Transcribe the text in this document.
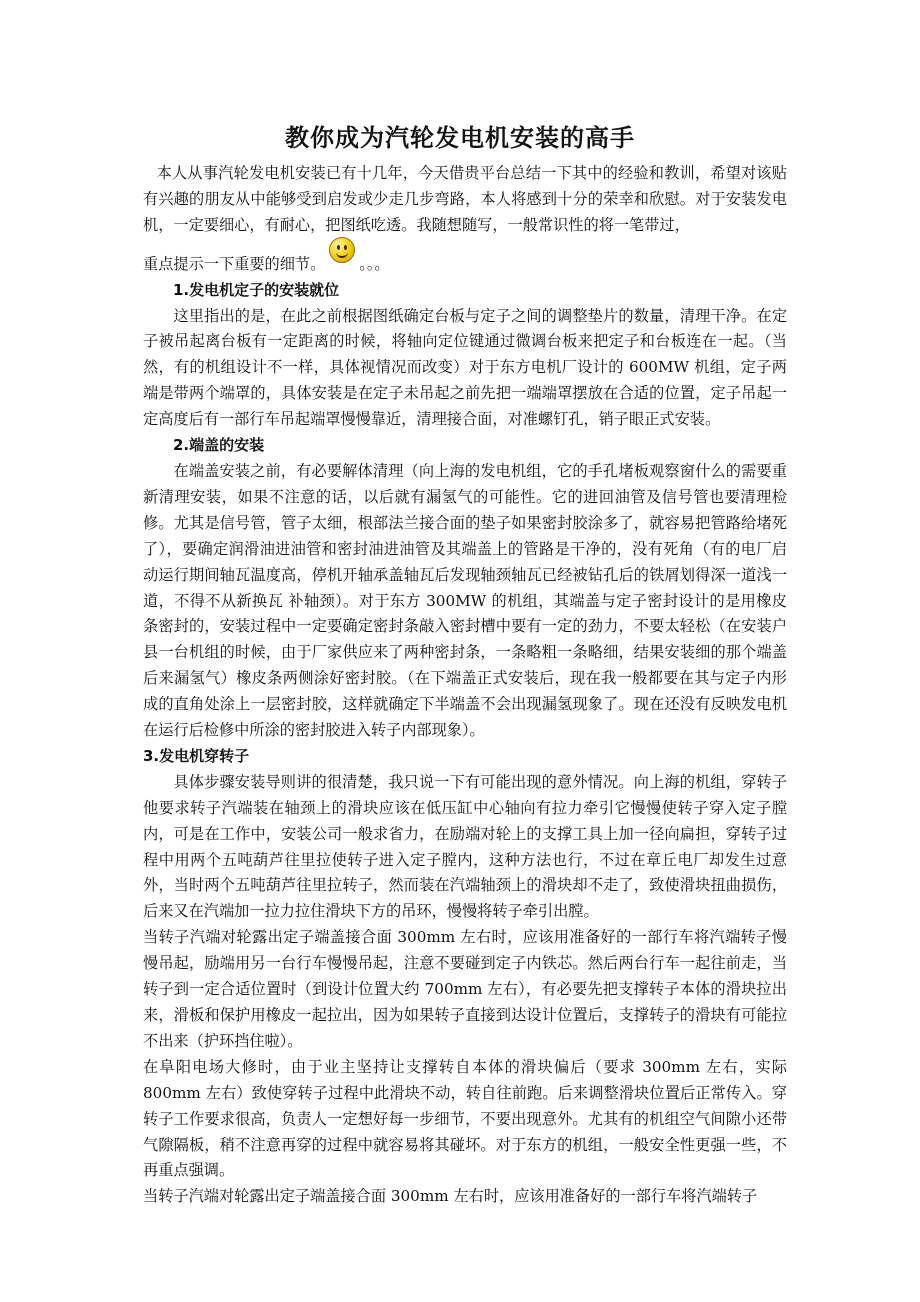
教你成为汽轮发电机安装的高手

本人从事汽轮发电机安装已有十几年，今天借贵平台总结一下其中的经验和教训，希望对该贴有兴趣的朋友从中能够受到启发或少走几步弯路，本人将感到十分的荣幸和欣慰。对于安装发电机，一定要细心，有耐心，把图纸吃透。我随想随写，一般常识性的将一笔带过，

重点提示一下重要的细节。 。。。

1.发电机定子的安装就位

这里指出的是，在此之前根据图纸确定台板与定子之间的调整垫片的数量，清理干净。在定子被吊起离台板有一定距离的时候，将轴向定位键通过微调台板来把定子和台板连在一起。（当然，有的机组设计不一样，具体视情况而改变）对于东方电机厂设计的 600MW 机组，定子两端是带两个端罩的，具体安装是在定子未吊起之前先把一端端罩摆放在合适的位置，定子吊起一定高度后有一部行车吊起端罩慢慢靠近，清理接合面，对准螺钉孔，销子眼正式安装。

2.端盖的安装

在端盖安装之前，有必要解体清理（向上海的发电机组，它的手孔堵板观察窗什么的需要重新清理安装，如果不注意的话，以后就有漏氢气的可能性。它的进回油管及信号管也要清理检修。尤其是信号管，管子太细，根部法兰接合面的垫子如果密封胶涂多了，就容易把管路给堵死了），要确定润滑油进油管和密封油进油管及其端盖上的管路是干净的，没有死角（有的电厂启动运行期间轴瓦温度高，停机开轴承盖轴瓦后发现轴颈轴瓦已经被钻孔后的铁屑划得深一道浅一道，不得不从新换瓦 补轴颈）。对于东方 300MW 的机组，其端盖与定子密封设计的是用橡皮条密封的，安装过程中一定要确定密封条敲入密封槽中要有一定的劲力，不要太轻松（在安装户县一台机组的时候，由于厂家供应来了两种密封条，一条略粗一条略细，结果安装细的那个端盖后来漏氢气）橡皮条两侧涂好密封胶。（在下端盖正式安装后，现在我一般都要在其与定子内形成的直角处涂上一层密封胶，这样就确定下半端盖不会出现漏氢现象了。现在还没有反映发电机在运行后检修中所涂的密封胶进入转子内部现象）。

3.发电机穿转子

具体步骤安装导则讲的很清楚，我只说一下有可能出现的意外情况。向上海的机组，穿转子他要求转子汽端装在轴颈上的滑块应该在低压缸中心轴向有拉力牵引它慢慢使转子穿入定子膛内，可是在工作中，安装公司一般求省力，在励端对轮上的支撑工具上加一径向扁担，穿转子过程中用两个五吨葫芦往里拉使转子进入定子膛内，这种方法也行，不过在章丘电厂却发生过意外，当时两个五吨葫芦往里拉转子，然而装在汽端轴颈上的滑块却不走了，致使滑块扭曲损伤，后来又在汽端加一拉力拉住滑块下方的吊环，慢慢将转子牵引出膛。

当转子汽端对轮露出定子端盖接合面 300mm 左右时，应该用准备好的一部行车将汽端转子慢慢吊起，励端用另一台行车慢慢吊起，注意不要碰到定子内铁芯。然后两台行车一起往前走，当转子到一定合适位置时（到设计位置大约 700mm 左右），有必要先把支撑转子本体的滑块拉出来，滑板和保护用橡皮一起拉出，因为如果转子直接到达设计位置后，支撑转子的滑块有可能拉不出来（护环挡住啦）。

在阜阳电场大修时，由于业主坚持让支撑转自本体的滑块偏后（要求 300mm 左右，实际 800mm 左右）致使穿转子过程中此滑块不动，转自往前跑。后来调整滑块位置后正常传入。穿转子工作要求很高，负责人一定想好每一步细节，不要出现意外。尤其有的机组空气间隙小还带气隙隔板，稍不注意再穿的过程中就容易将其碰坏。对于东方的机组，一般安全性更强一些，不再重点强调。

当转子汽端对轮露出定子端盖接合面 300mm 左右时，应该用准备好的一部行车将汽端转子
